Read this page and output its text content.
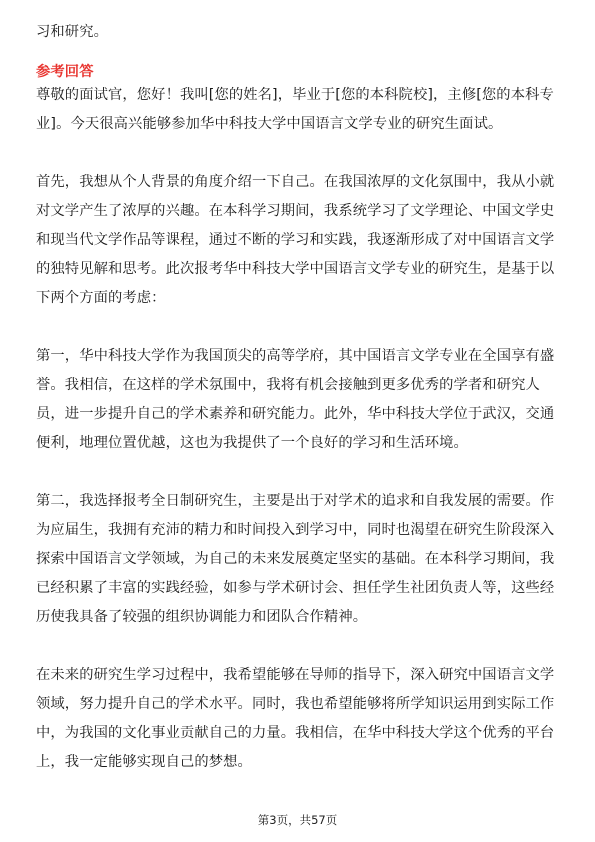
习和研究。
参考回答
尊敬的面试官，您好！我叫[您的姓名]，毕业于[您的本科院校]，主修[您的本科专
业]。今天很高兴能够参加华中科技大学中国语言文学专业的研究生面试。
首先，我想从个人背景的角度介绍一下自己。在我国浓厚的文化氛围中，我从小就
对文学产生了浓厚的兴趣。在本科学习期间，我系统学习了文学理论、中国文学史
和现当代文学作品等课程，通过不断的学习和实践，我逐渐形成了对中国语言文学
的独特见解和思考。此次报考华中科技大学中国语言文学专业的研究生，是基于以
下两个方面的考虑：
第一，华中科技大学作为我国顶尖的高等学府，其中国语言文学专业在全国享有盛
誉。我相信，在这样的学术氛围中，我将有机会接触到更多优秀的学者和研究人
员，进一步提升自己的学术素养和研究能力。此外，华中科技大学位于武汉，交通
便利，地理位置优越，这也为我提供了一个良好的学习和生活环境。
第二，我选择报考全日制研究生，主要是出于对学术的追求和自我发展的需要。作
为应届生，我拥有充沛的精力和时间投入到学习中，同时也渴望在研究生阶段深入
探索中国语言文学领域，为自己的未来发展奠定坚实的基础。在本科学习期间，我
已经积累了丰富的实践经验，如参与学术研讨会、担任学生社团负责人等，这些经
历使我具备了较强的组织协调能力和团队合作精神。
在未来的研究生学习过程中，我希望能够在导师的指导下，深入研究中国语言文学
领域，努力提升自己的学术水平。同时，我也希望能够将所学知识运用到实际工作
中，为我国的文化事业贡献自己的力量。我相信，在华中科技大学这个优秀的平台
上，我一定能够实现自己的梦想。
第3页，共57页
